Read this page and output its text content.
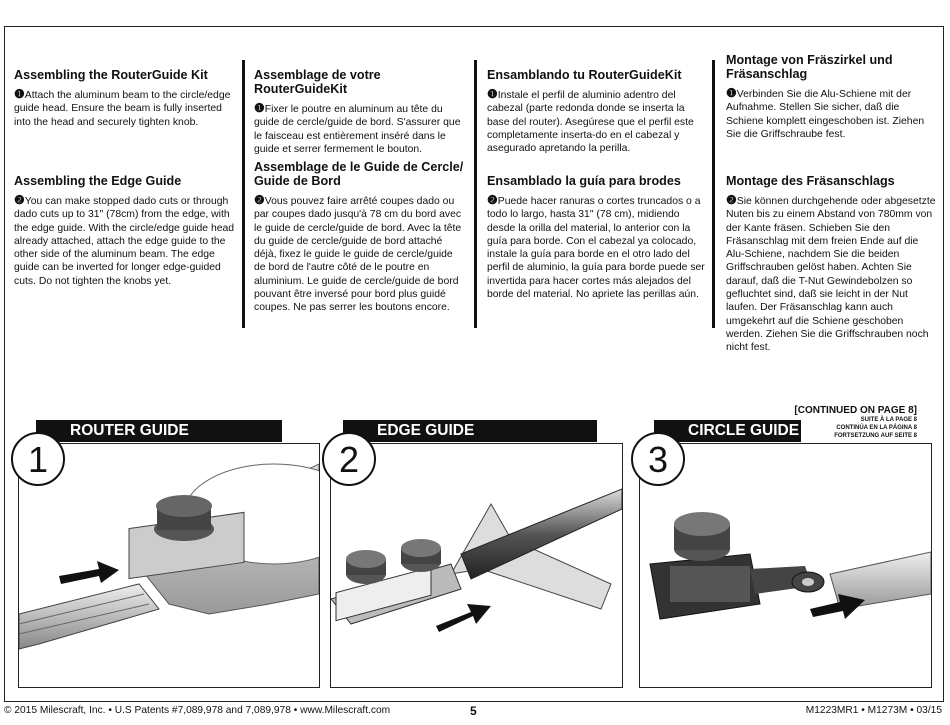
Assembling the RouterGuide Kit

❶Attach the aluminum beam to the circle/edge guide head. Ensure the beam is fully inserted into the head and securely tighten knob.

Assembling the Edge Guide

❷You can make stopped dado cuts or through dado cuts up to 31" (78cm) from the edge, with the edge guide. With the circle/edge guide head already attached, attach the edge guide to the other side of the aluminum beam. The edge guide can be inverted for longer edge-guided cuts. Do not tighten the knobs yet.

Assemblage de votre RouterGuideKit

❶Fixer le poutre en aluminum au tête du guide de cercle/guide de bord. S'assurer que le faisceau est entièrement inséré dans le guide et serrer fermement le bouton.

Assemblage de le Guide de Cercle/ Guide de Bord

❷Vous pouvez faire arrêté coupes dado ou par coupes dado jusqu'à 78 cm du bord avec le guide de cercle/guide de bord. Avec la tête du guide de cercle/guide de bord attaché déjà, fixez le guide le guide de cercle/guide de bord de l'autre côté de le poutre en aluminium. Le guide de cercle/guide de bord pouvant être inversé pour bord plus guidé coupes. Ne pas serrer les boutons encore.

Ensamblando tu RouterGuideKit

❶Instale el perfil de aluminio adentro del cabezal (parte redonda donde se inserta la base del router). Asegúrese que el perfil este completamente inserta-do en el cabezal y asegurado apretando la perilla.

Ensamblado la guía para brodes

❷Puede hacer ranuras o cortes truncados o a todo lo largo, hasta 31" (78 cm), midiendo desde la orilla del material, lo anterior con la guía para borde. Con el cabezal ya colocado, instale la guía para borde en el otro lado del perfil de aluminio, la guía para borde puede ser invertida para hacer cortes más alejados del borde del material. No apriete las perillas aún.

Montage von Fräszirkel und Fräsanschlag

❶Verbinden Sie die Alu-Schiene mit der Aufnahme. Stellen Sie sicher, daß die Schiene komplett eingeschoben ist. Ziehen Sie die Griffschraube fest.

Montage des Fräsanschlags

❷Sie können durchgehende oder abgesetzte Nuten bis zu einem Abstand von 780mm von der Kante fräsen. Schieben Sie den Fräsanschlag mit dem freien Ende auf die Alu-Schiene, nachdem Sie die beiden Griffschrauben gelöst haben. Achten Sie darauf, daß die T-Nut Gewindebolzen so gefluchtet sind, daß sie leicht in der Nut laufen. Der Fräsanschlag kann auch umgekehrt auf die Schiene geschoben werden. Ziehen Sie die Griffschrauben noch nicht fest.

[CONTINUED ON PAGE 8]
SUITE À LA PAGE 8
CONTINÚA EN LA PÁGINA 8
FORTSETZUNG AUF SEITE 8
ROUTER GUIDE
1
EDGE GUIDE
2
CIRCLE GUIDE
3
© 2015 Milescraft, Inc. • U.S Patents #7,089,978 and 7,089,978 • www.Milescraft.com	5	M1223MR1 • M1273M • 03/15
